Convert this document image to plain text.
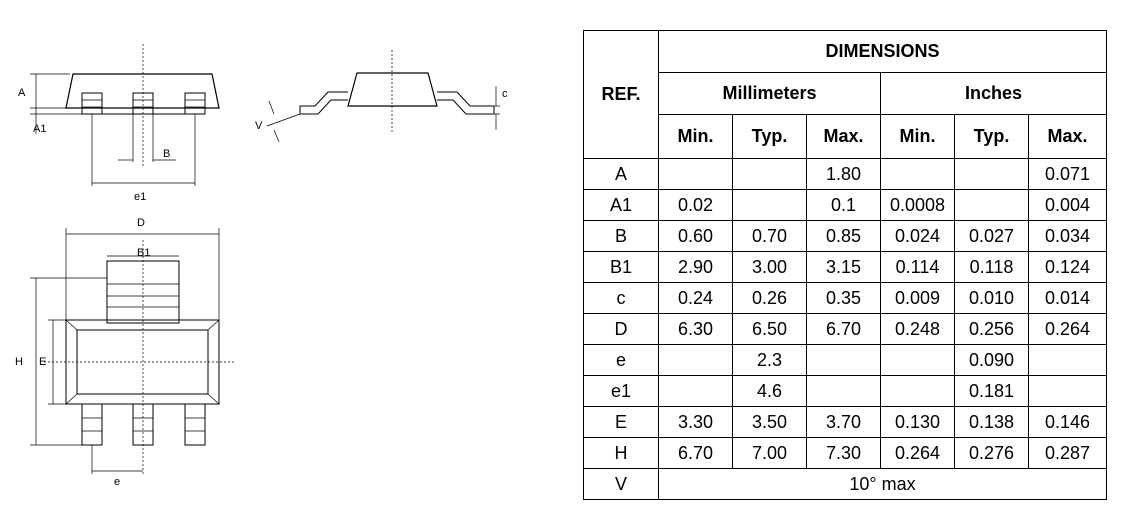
A
A1
B
e1
V
c
D
B1
H E
e
REF.	DIMENSIONS					
	Millimeters			Inches		
	Min.	Typ.	Max.	Min.	Typ.	Max.
A			1.80			0.071
A1	0.02		0.1	0.0008		0.004
B	0.60	0.70	0.85	0.024	0.027	0.034
B1	2.90	3.00	3.15	0.114	0.118	0.124
c	0.24	0.26	0.35	0.009	0.010	0.014
D	6.30	6.50	6.70	0.248	0.256	0.264
e		2.3			0.090	
e1		4.6			0.181	
E	3.30	3.50	3.70	0.130	0.138	0.146
H	6.70	7.00	7.30	0.264	0.276	0.287
V	10° max					
